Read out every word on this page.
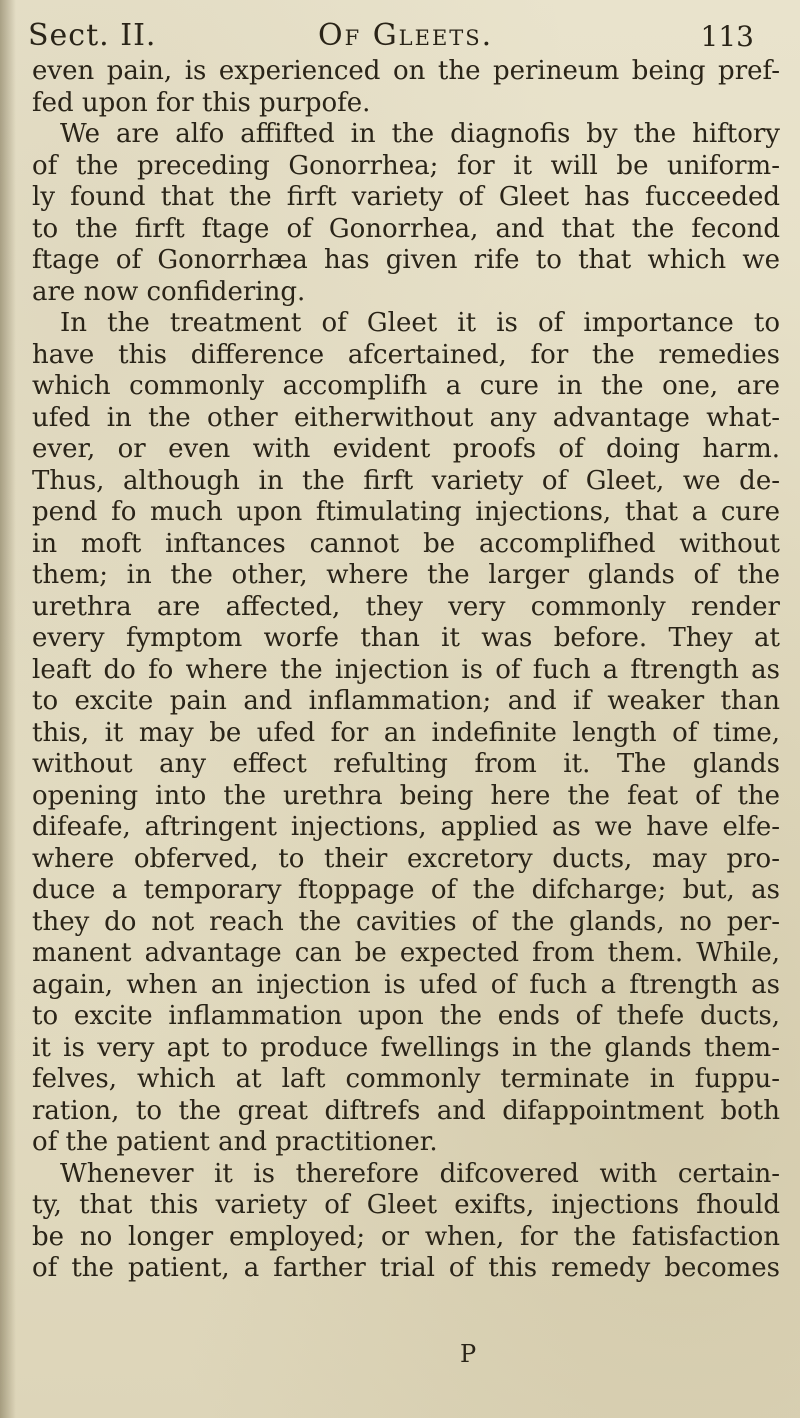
Sect. II.	Of Gleets.	113
even pain, is experienced on the perineum being pref-
fed upon for this purpofe.
We are alfo affifted in the diagnofis by the hiftory
of the preceding Gonorrhea; for it will be uniform-
ly found that the firft variety of Gleet has fucceeded
to the firft ftage of Gonorrhea, and that the fecond
ftage of Gonorrhæa has given rife to that which we
are now confidering.
In the treatment of Gleet it is of importance to
have this difference afcertained, for the remedies
which commonly accomplifh a cure in the one, are
ufed in the other eitherwithout any advantage what-
ever, or even with evident proofs of doing harm.
Thus, although in the firft variety of Gleet, we de-
pend fo much upon ftimulating injections, that a cure
in moft inftances cannot be accomplifhed without
them; in the other, where the larger glands of the
urethra are affected, they very commonly render
every fymptom worfe than it was before. They at
leaft do fo where the injection is of fuch a ftrength as
to excite pain and inflammation; and if weaker than
this, it may be ufed for an indefinite length of time,
without any effect refulting from it. The glands
opening into the urethra being here the feat of the
difeafe, aftringent injections, applied as we have elfe-
where obferved, to their excretory ducts, may pro-
duce a temporary ftoppage of the difcharge; but, as
they do not reach the cavities of the glands, no per-
manent advantage can be expected from them. While,
again, when an injection is ufed of fuch a ftrength as
to excite inflammation upon the ends of thefe ducts,
it is very apt to produce fwellings in the glands them-
felves, which at laft commonly terminate in fuppu-
ration, to the great diftrefs and difappointment both
of the patient and practitioner.
Whenever it is therefore difcovered with certain-
ty, that this variety of Gleet exifts, injections fhould
be no longer employed; or when, for the fatisfaction
of the patient, a farther trial of this remedy becomes
P
